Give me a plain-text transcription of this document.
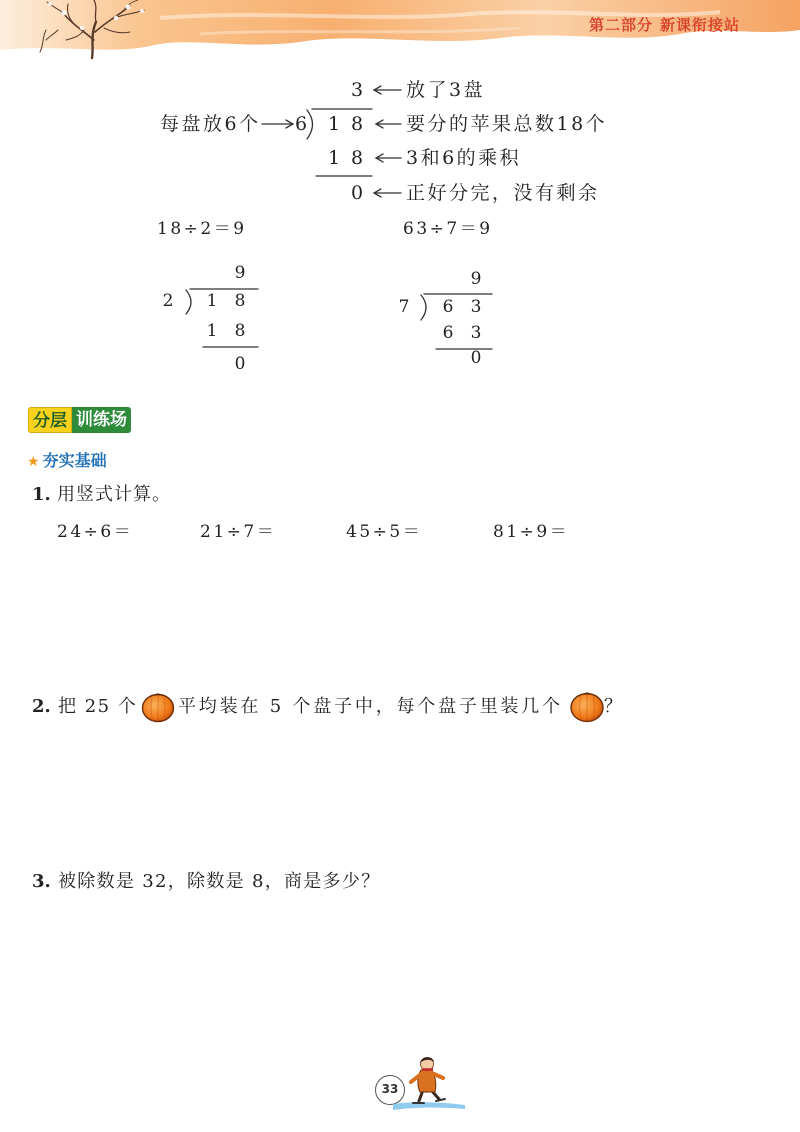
第二部分 新课衔接站
3 放了3盘
每盘放6个 6 1 8 要分的苹果总数18个
1 8 3和6的乘积
0 正好分完，没有剩余
18÷2＝9	63÷7＝9
9
2 1 8
1 8
0
9
7 6 3
6 3
0
分层 训练场
★ 夯实基础
1. 用竖式计算。
24÷6＝	21÷7＝	45÷5＝	81÷9＝
2. 把 25 个 平均装在 5 个盘子中，每个盘子里装几个 ？
3. 被除数是 32，除数是 8，商是多少？
33
